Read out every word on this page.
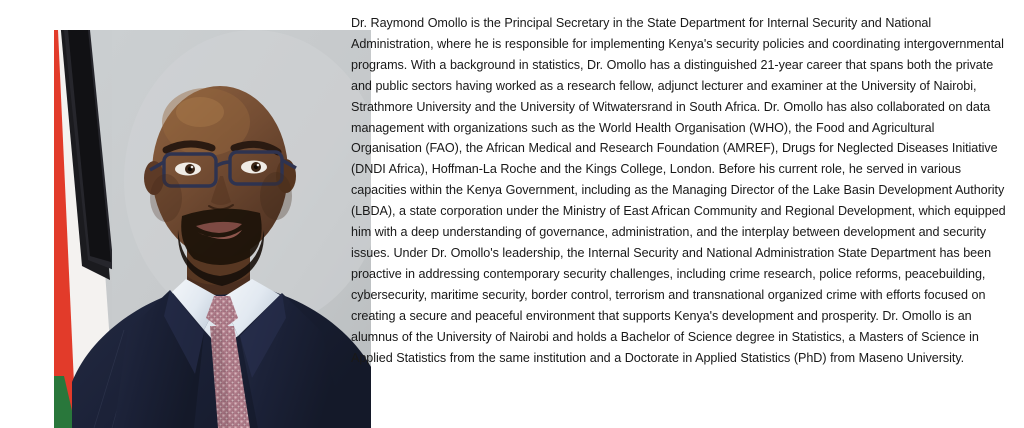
Dr. Raymond Omollo is the Principal Secretary in the State Department for Internal Security and National Administration, where he is responsible for implementing Kenya's security policies and coordinating intergovernmental programs. With a background in statistics, Dr. Omollo has a distinguished 21-year career that spans both the private and public sectors having worked as a research fellow, adjunct lecturer and examiner at the University of Nairobi, Strathmore University and the University of Witwatersrand in South Africa. Dr. Omollo has also collaborated on data management with organizations such as the World Health Organisation (WHO), the Food and Agricultural Organisation (FAO), the African Medical and Research Foundation (AMREF), Drugs for Neglected Diseases Initiative (DNDI Africa), Hoffman-La Roche and the Kings College, London. Before his current role, he served in various capacities within the Kenya Government, including as the Managing Director of the Lake Basin Development Authority (LBDA), a state corporation under the Ministry of East African Community and Regional Development, which equipped him with a deep understanding of governance, administration, and the interplay between development and security issues. Under Dr. Omollo's leadership, the Internal Security and National Administration State Department has been proactive in addressing contemporary security challenges, including crime research, police reforms, peacebuilding, cybersecurity, maritime security, border control, terrorism and transnational organized crime with efforts focused on creating a secure and peaceful environment that supports Kenya's development and prosperity. Dr. Omollo is an alumnus of the University of Nairobi and holds a Bachelor of Science degree in Statistics, a Masters of Science in Applied Statistics from the same institution and a Doctorate in Applied Statistics (PhD) from Maseno University.
